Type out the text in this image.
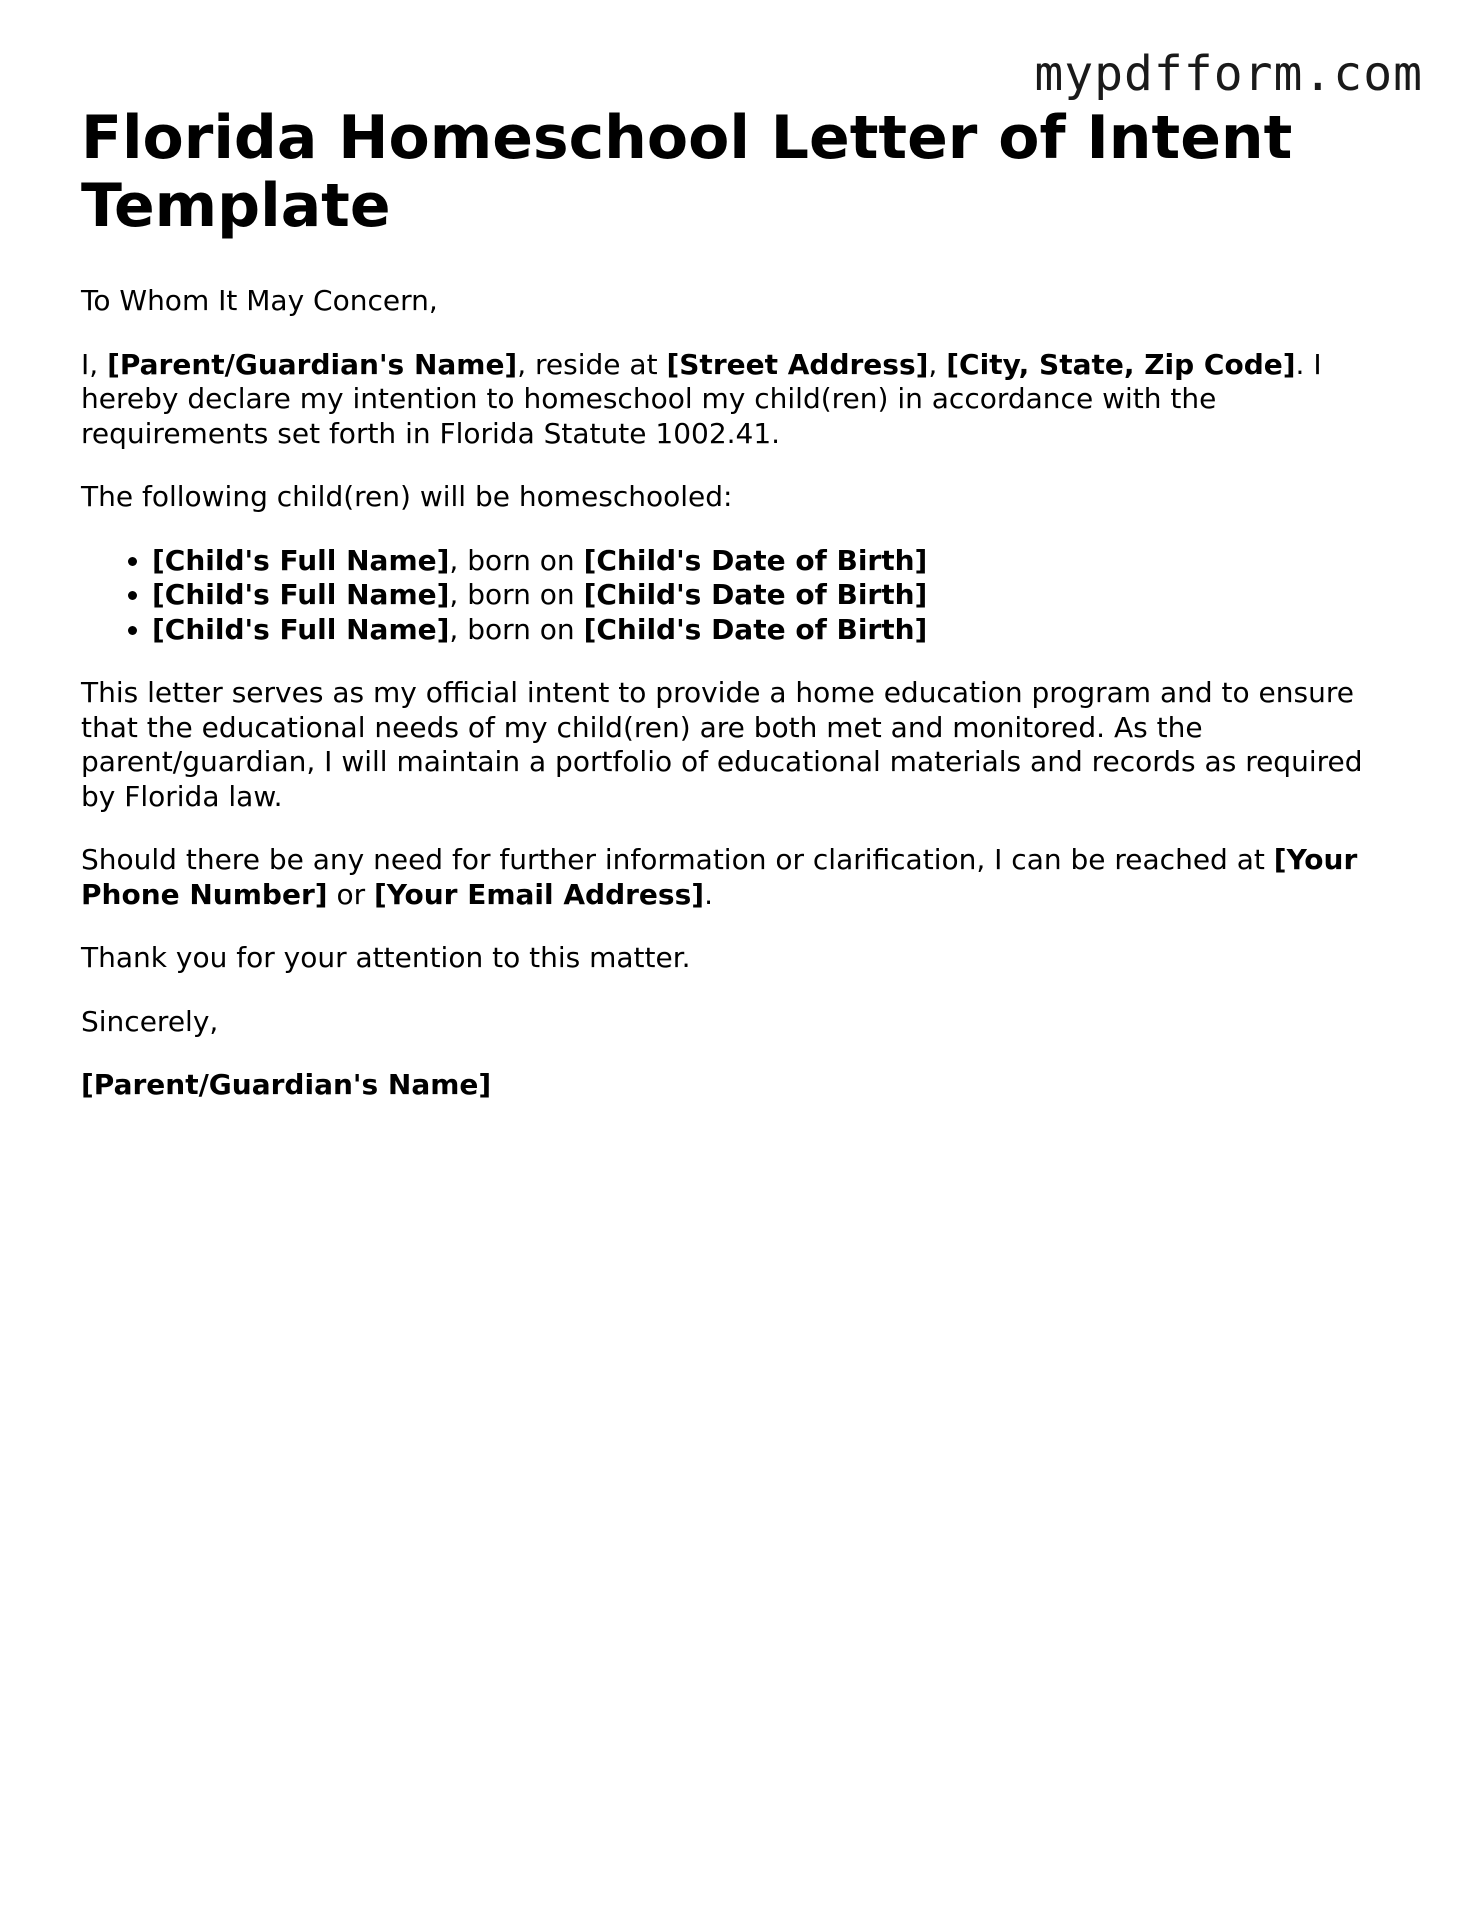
mypdfform.com
Florida Homeschool Letter of Intent Template

To Whom It May Concern,

I, [Parent/Guardian's Name], reside at [Street Address], [City, State, Zip Code]. I hereby declare my intention to homeschool my child(ren) in accordance with the requirements set forth in Florida Statute 1002.41.

The following child(ren) will be homeschooled:

• [Child's Full Name], born on [Child's Date of Birth]
• [Child's Full Name], born on [Child's Date of Birth]
• [Child's Full Name], born on [Child's Date of Birth]

This letter serves as my official intent to provide a home education program and to ensure that the educational needs of my child(ren) are both met and monitored. As the parent/guardian, I will maintain a portfolio of educational materials and records as required by Florida law.

Should there be any need for further information or clarification, I can be reached at [Your Phone Number] or [Your Email Address].

Thank you for your attention to this matter.

Sincerely,

[Parent/Guardian's Name]
